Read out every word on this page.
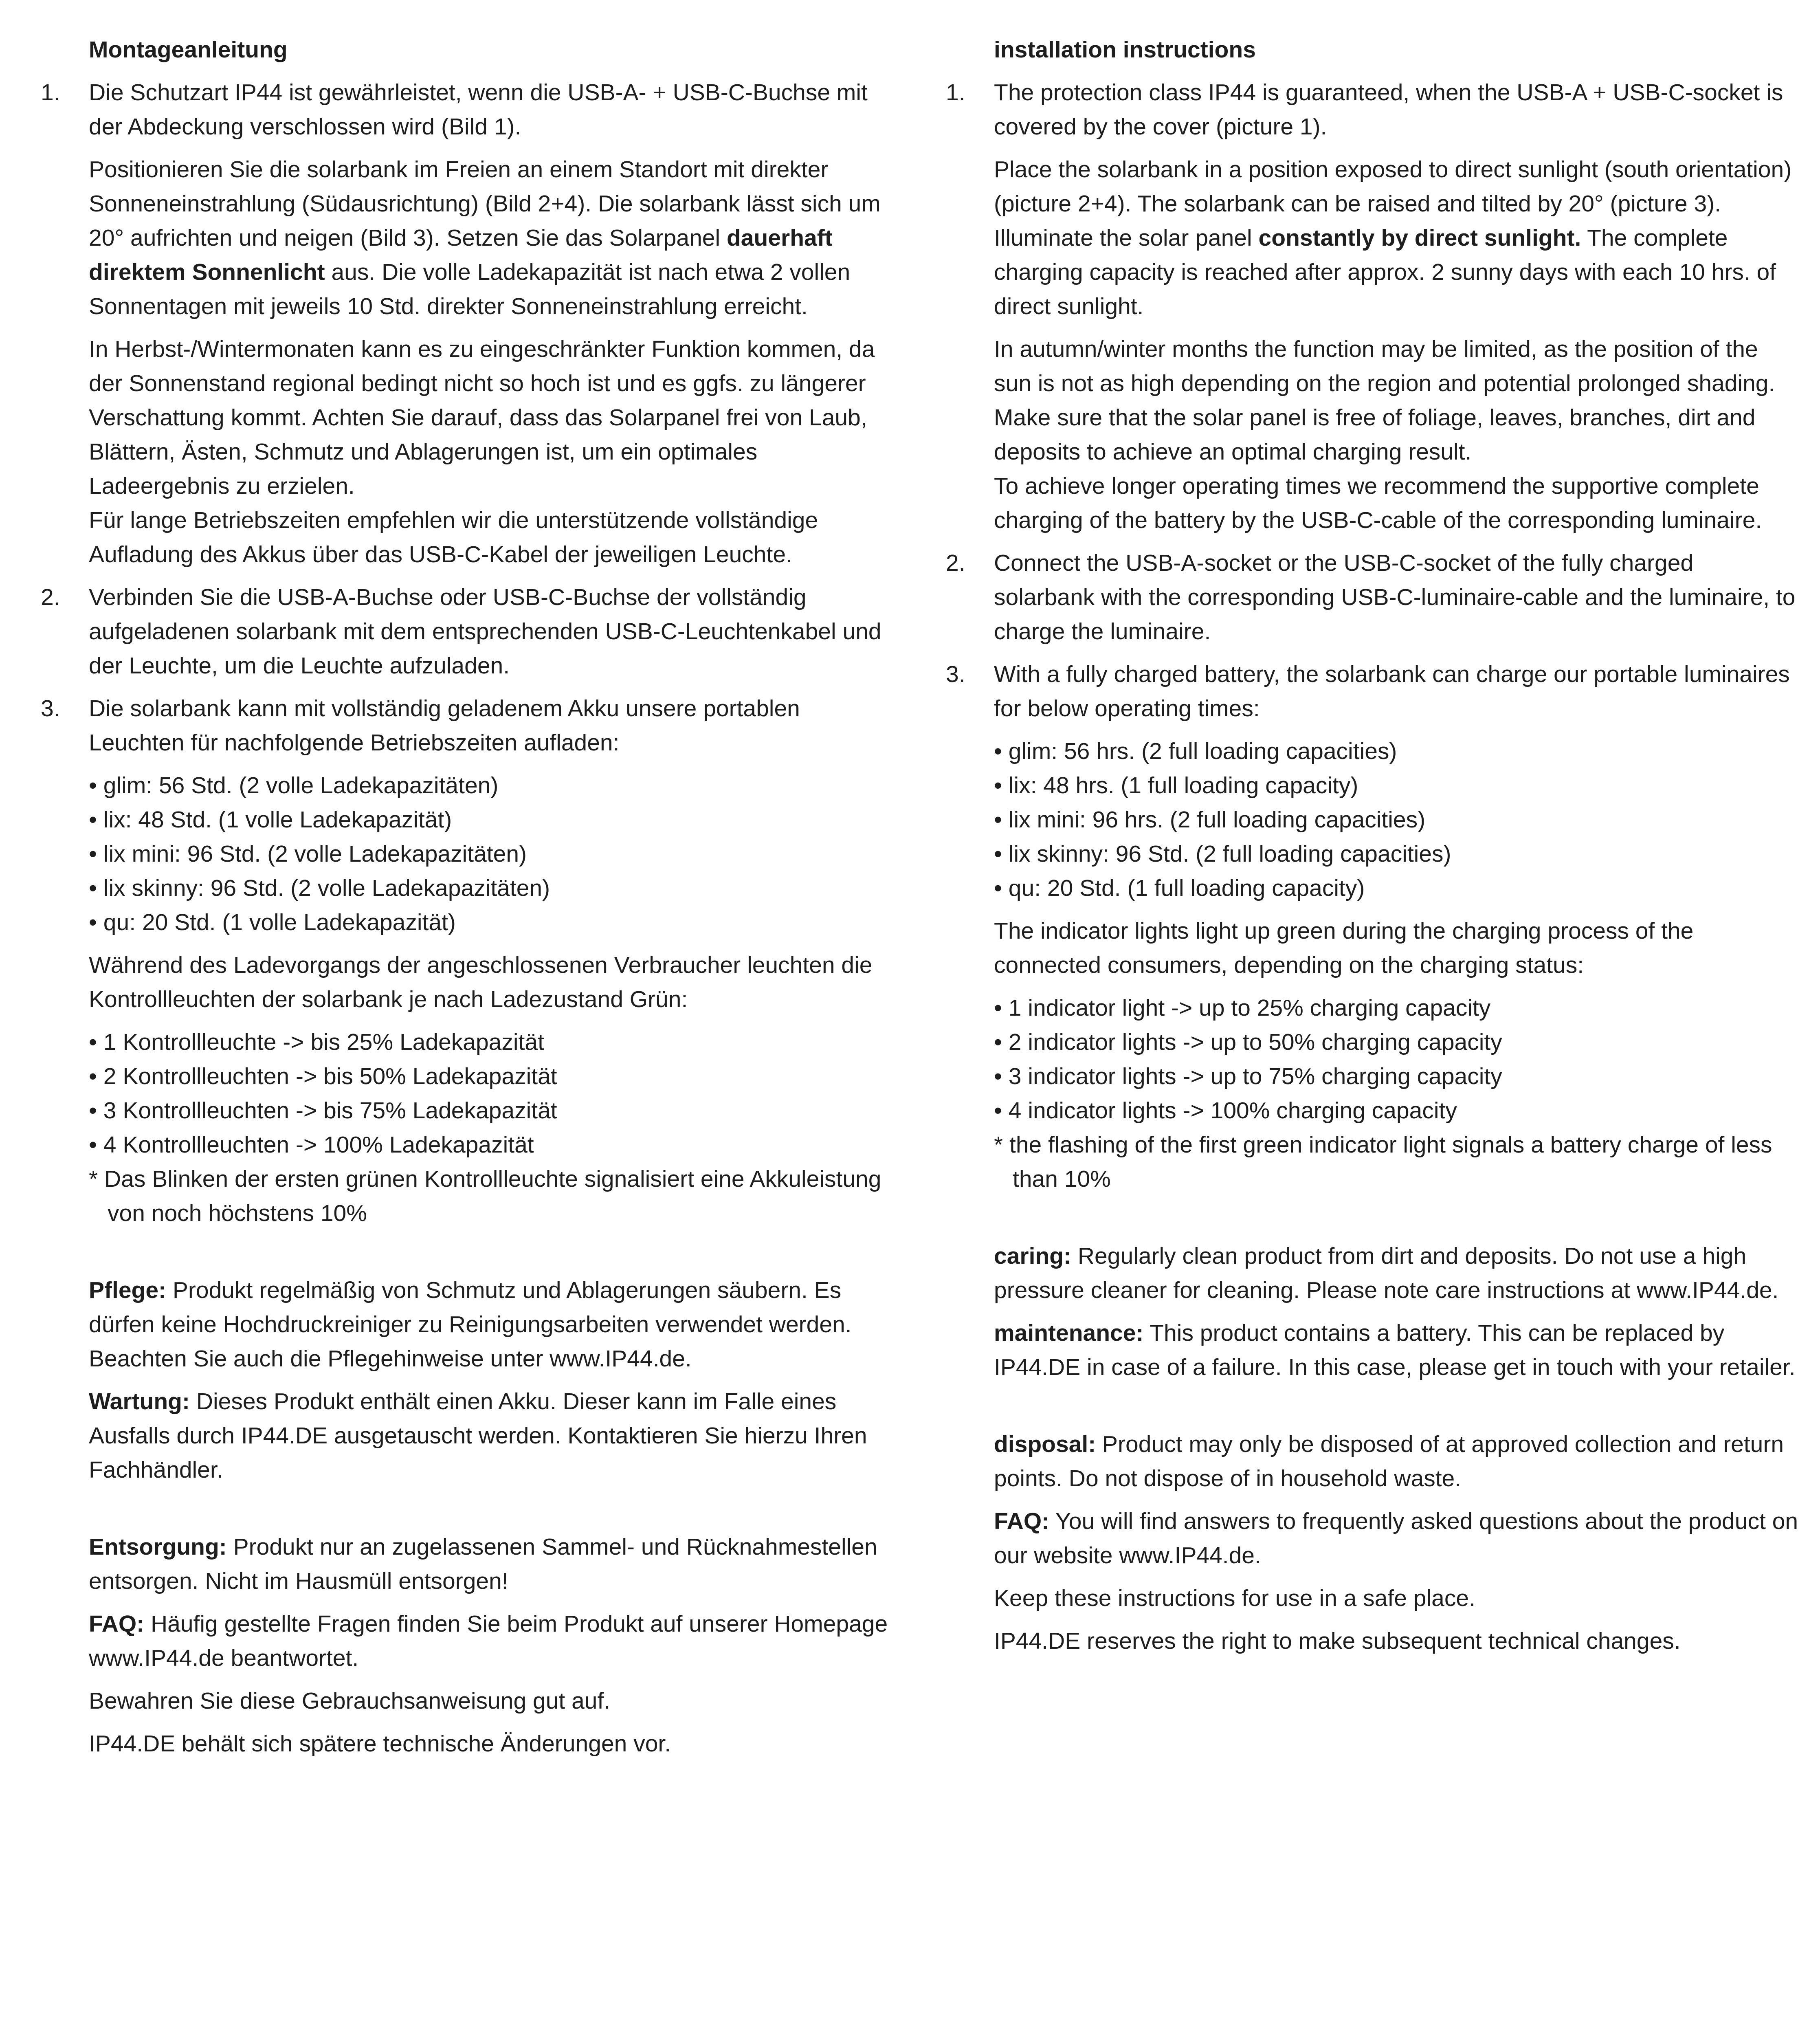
Montageanleitung
1. Die Schutzart IP44 ist gewährleistet, wenn die USB-A- + USB-C-Buchse mit der Abdeckung verschlossen wird (Bild 1).

Positionieren Sie die solarbank im Freien an einem Standort mit direkter Sonneneinstrahlung (Südausrichtung) (Bild 2+4). Die solarbank lässt sich um 20° aufrichten und neigen (Bild 3). Setzen Sie das Solarpanel dauerhaft direktem Sonnenlicht aus. Die volle Ladekapazität ist nach etwa 2 vollen Sonnentagen mit jeweils 10 Std. direkter Sonneneinstrahlung erreicht.

In Herbst-/Wintermonaten kann es zu eingeschränkter Funktion kommen, da der Sonnenstand regional bedingt nicht so hoch ist und es ggfs. zu längerer Verschattung kommt. Achten Sie darauf, dass das Solarpanel frei von Laub, Blättern, Ästen, Schmutz und Ablagerungen ist, um ein optimales Ladeergebnis zu erzielen.
Für lange Betriebszeiten empfehlen wir die unterstützende vollständige Aufladung des Akkus über das USB-C-Kabel der jeweiligen Leuchte.

2. Verbinden Sie die USB-A-Buchse oder USB-C-Buchse der vollständig aufgeladenen solarbank mit dem entsprechenden USB-C-Leuchtenkabel und der Leuchte, um die Leuchte aufzuladen.

3. Die solarbank kann mit vollständig geladenem Akku unsere portablen Leuchten für nachfolgende Betriebszeiten aufladen:

• glim: 56 Std. (2 volle Ladekapazitäten)
• lix: 48 Std. (1 volle Ladekapazität)
• lix mini: 96 Std. (2 volle Ladekapazitäten)
• lix skinny: 96 Std. (2 volle Ladekapazitäten)
• qu: 20 Std. (1 volle Ladekapazität)

Während des Ladevorgangs der angeschlossenen Verbraucher leuchten die Kontrollleuchten der solarbank je nach Ladezustand Grün:

• 1 Kontrollleuchte -> bis 25% Ladekapazität
• 2 Kontrollleuchten -> bis 50% Ladekapazität
• 3 Kontrollleuchten -> bis 75% Ladekapazität
• 4 Kontrollleuchten -> 100% Ladekapazität
* Das Blinken der ersten grünen Kontrollleuchte signalisiert eine Akkuleistung von noch höchstens 10%

Pflege: Produkt regelmäßig von Schmutz und Ablagerungen säubern. Es dürfen keine Hochdruckreiniger zu Reinigungsarbeiten verwendet werden. Beachten Sie auch die Pflegehinweise unter www.IP44.de.

Wartung: Dieses Produkt enthält einen Akku. Dieser kann im Falle eines Ausfalls durch IP44.DE ausgetauscht werden. Kontaktieren Sie hierzu Ihren Fachhändler.

Entsorgung: Produkt nur an zugelassenen Sammel- und Rücknahmestellen entsorgen. Nicht im Hausmüll entsorgen!

FAQ: Häufig gestellte Fragen finden Sie beim Produkt auf unserer Homepage www.IP44.de beantwortet.

Bewahren Sie diese Gebrauchsanweisung gut auf.

IP44.DE behält sich spätere technische Änderungen vor.

installation instructions
1. The protection class IP44 is guaranteed, when the USB-A + USB-C-socket is covered by the cover (picture 1).

Place the solarbank in a position exposed to direct sunlight (south orientation) (picture 2+4). The solarbank can be raised and tilted by 20° (picture 3). Illuminate the solar panel constantly by direct sunlight. The complete charging capacity is reached after approx. 2 sunny days with each 10 hrs. of direct sunlight.

In autumn/winter months the function may be limited, as the position of the sun is not as high depending on the region and potential prolonged shading.
Make sure that the solar panel is free of foliage, leaves, branches, dirt and deposits to achieve an optimal charging result.
To achieve longer operating times we recommend the supportive complete charging of the battery by the USB-C-cable of the corresponding luminaire.

2. Connect the USB-A-socket or the USB-C-socket of the fully charged solarbank with the corresponding USB-C-luminaire-cable and the luminaire, to charge the luminaire.

3. With a fully charged battery, the solarbank can charge our portable luminaires for below operating times:

• glim: 56 hrs. (2 full loading capacities)
• lix: 48 hrs. (1 full loading capacity)
• lix mini: 96 hrs. (2 full loading capacities)
• lix skinny: 96 Std. (2 full loading capacities)
• qu: 20 Std. (1 full loading capacity)

The indicator lights light up green during the charging process of the connected consumers, depending on the charging status:

• 1 indicator light -> up to 25% charging capacity
• 2 indicator lights -> up to 50% charging capacity
• 3 indicator lights -> up to 75% charging capacity
• 4 indicator lights -> 100% charging capacity
* the flashing of the first green indicator light signals a battery charge of less than 10%

caring: Regularly clean product from dirt and deposits. Do not use a high pressure cleaner for cleaning. Please note care instructions at www.IP44.de.

maintenance: This product contains a battery. This can be replaced by IP44.DE in case of a failure. In this case, please get in touch with your retailer.

disposal: Product may only be disposed of at approved collection and return points. Do not dispose of in household waste.

FAQ: You will find answers to frequently asked questions about the product on our website www.IP44.de.

Keep these instructions for use in a safe place.

IP44.DE reserves the right to make subsequent technical changes.
